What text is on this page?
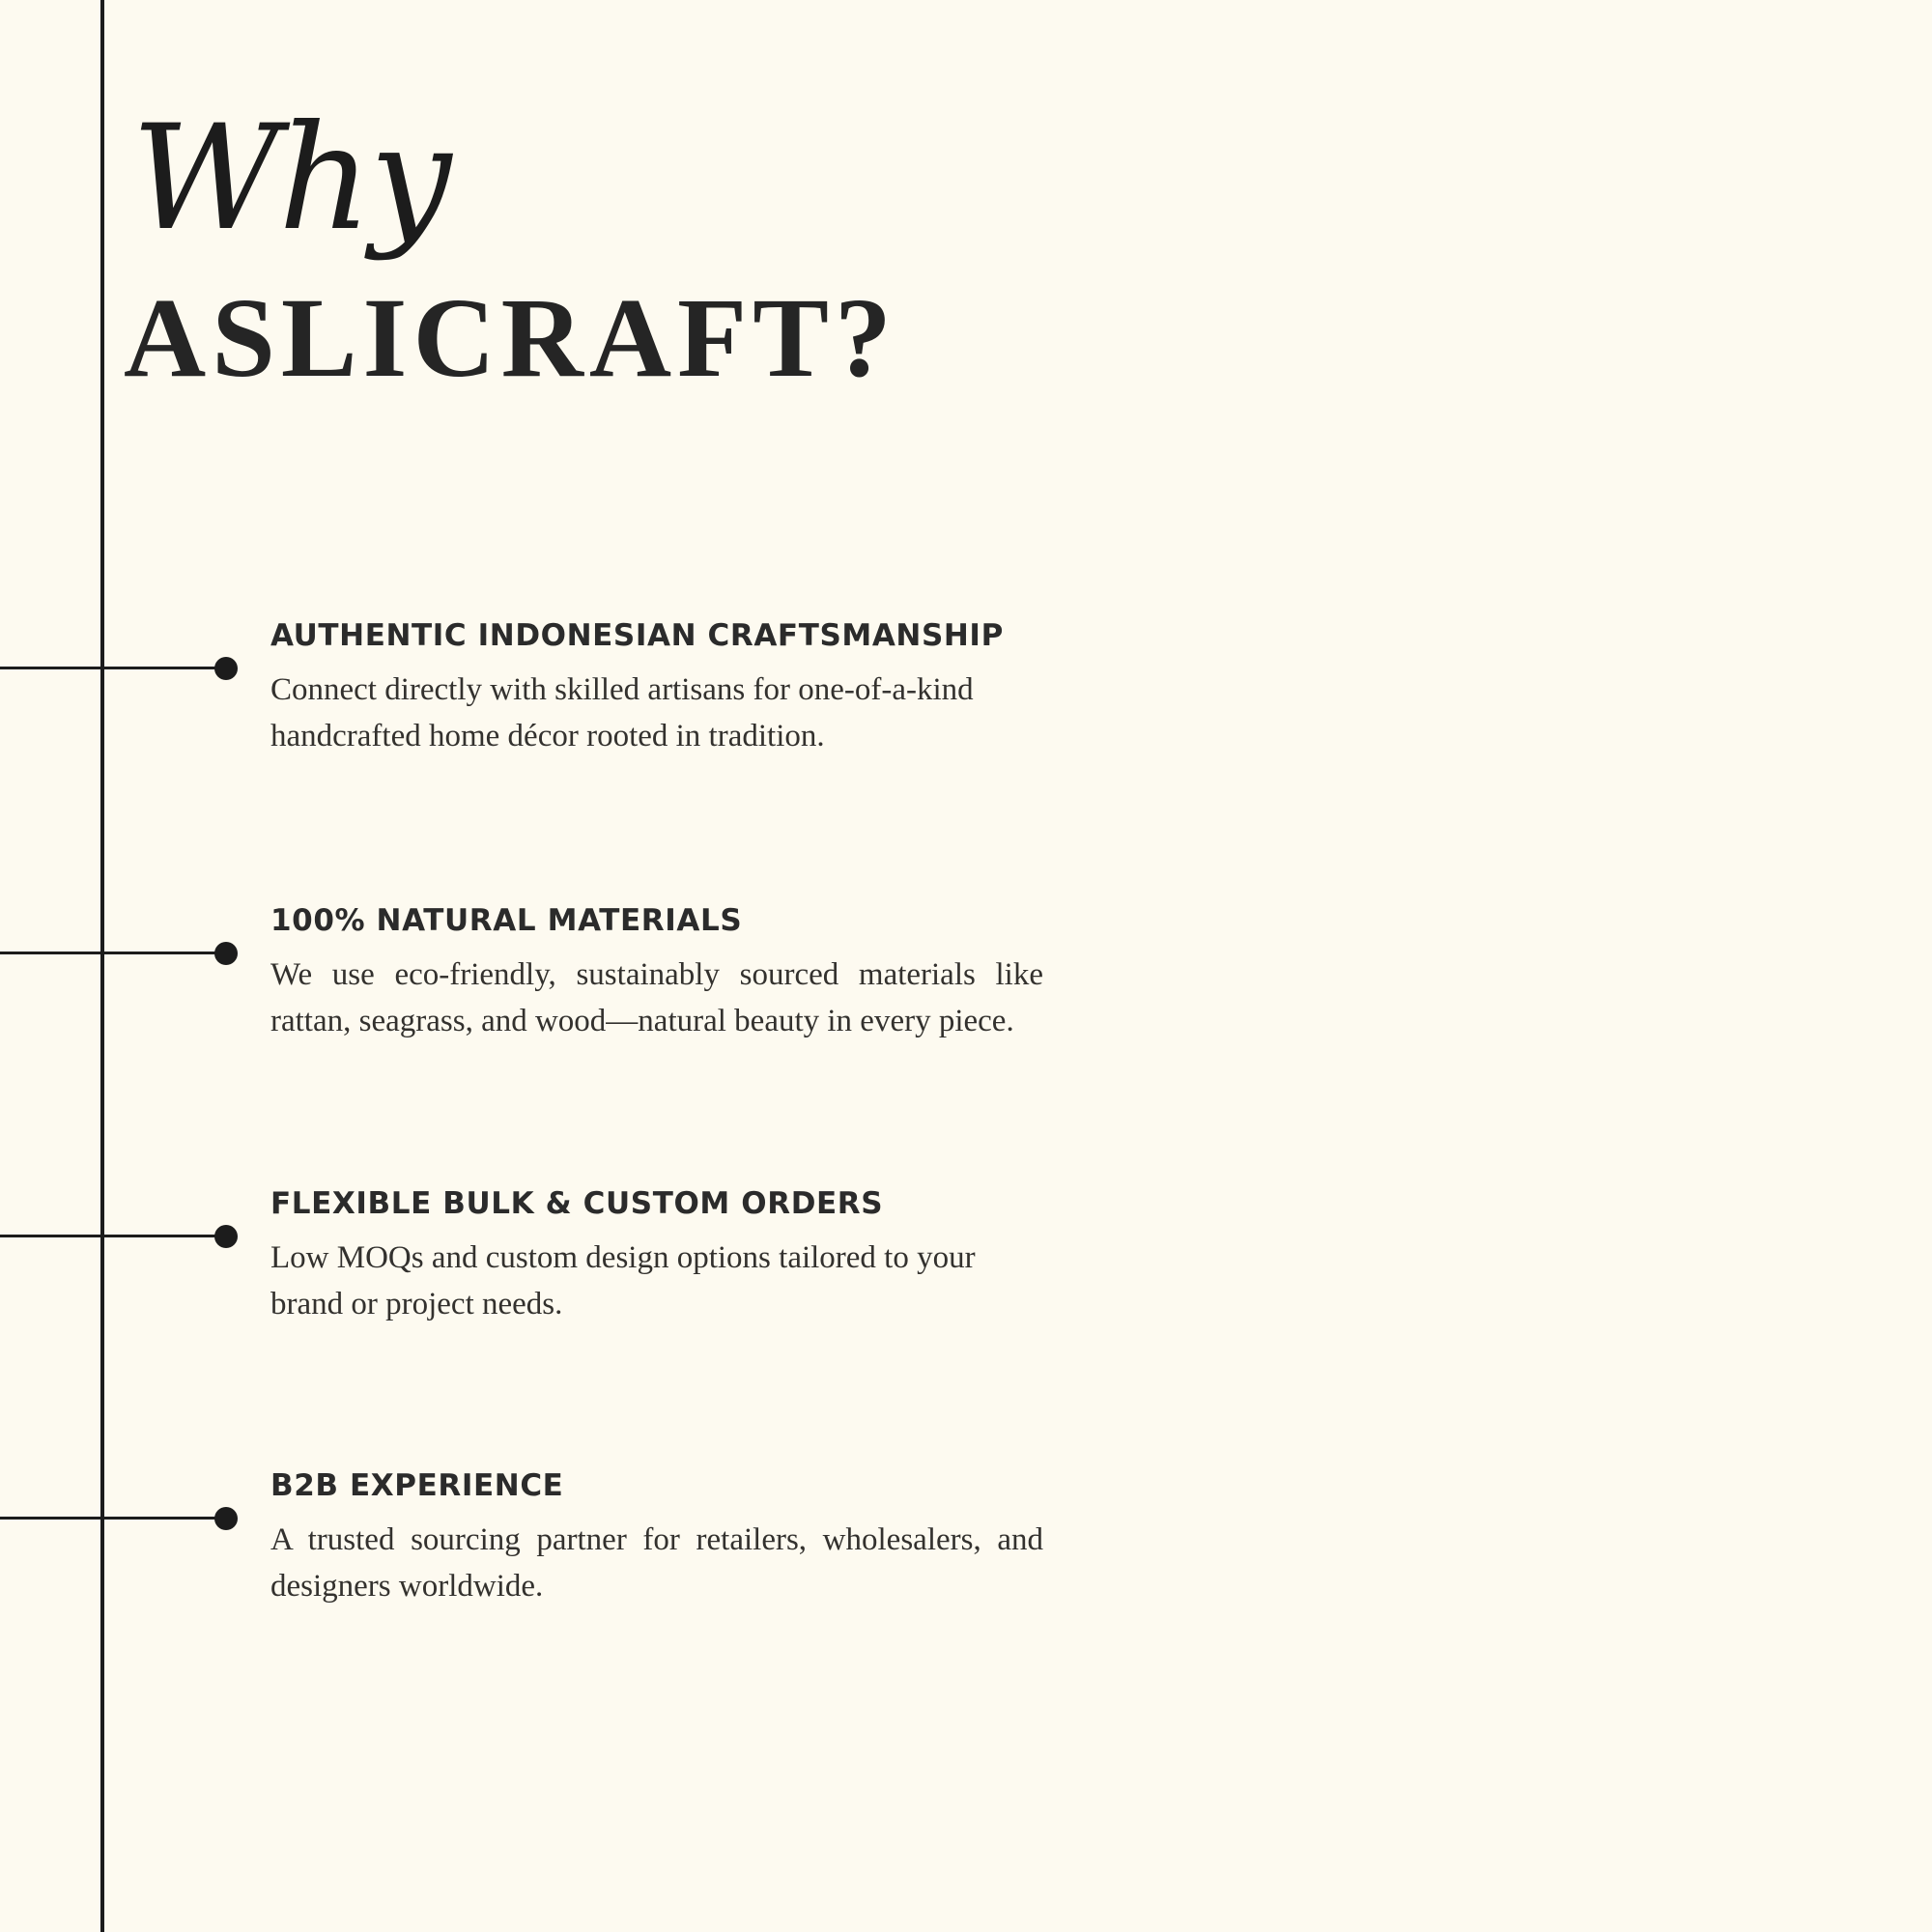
Why
ASLICRAFT?
AUTHENTIC INDONESIAN CRAFTSMANSHIP
Connect directly with skilled artisans for one-of-a-kind handcrafted home décor rooted in tradition.
100% NATURAL MATERIALS
We use eco-friendly, sustainably sourced materials like rattan, seagrass, and wood—natural beauty in every piece.
FLEXIBLE BULK & CUSTOM ORDERS
Low MOQs and custom design options tailored to your brand or project needs.
B2B EXPERIENCE
A trusted sourcing partner for retailers, wholesalers, and designers worldwide.
